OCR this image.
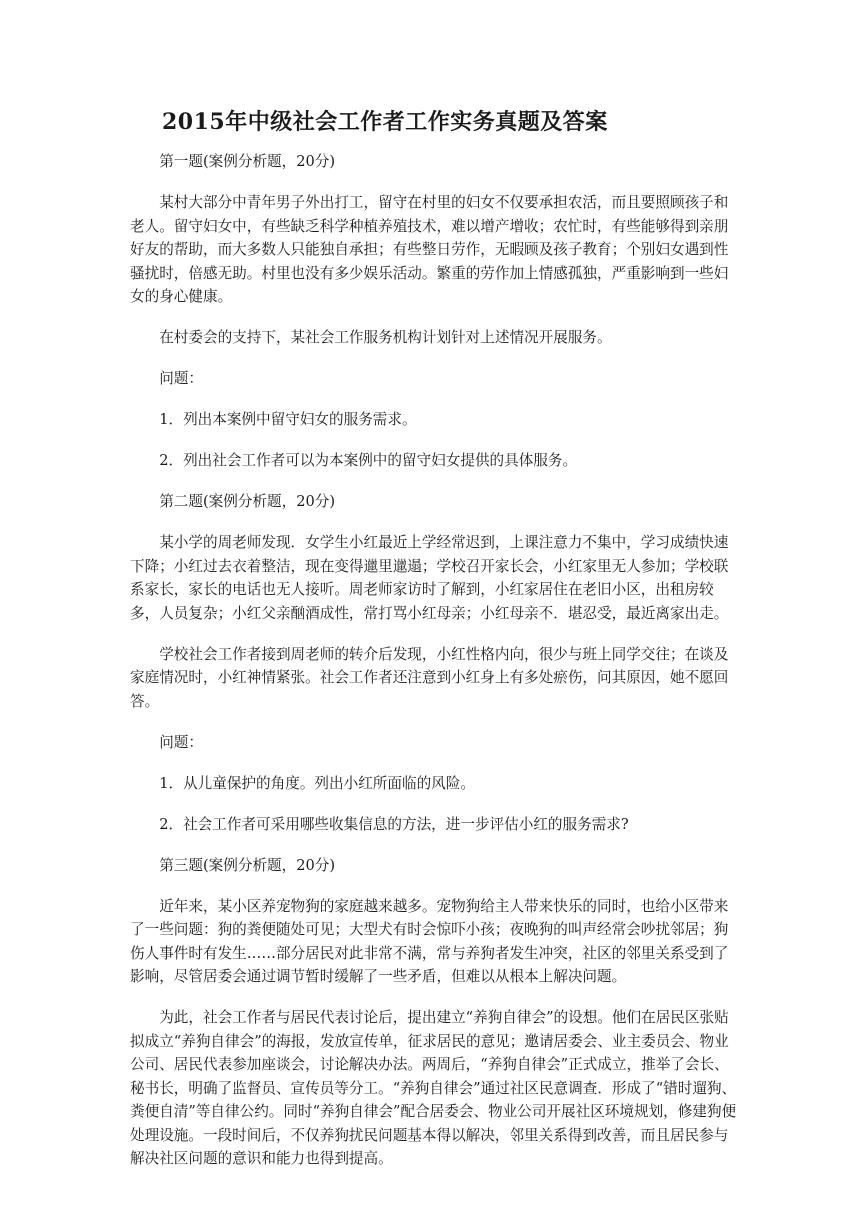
2015年中级社会工作者工作实务真题及答案

第一题(案例分析题，20分)

某村大部分中青年男子外出打工，留守在村里的妇女不仅要承担农活，而且要照顾孩子和老人。留守妇女中，有些缺乏科学种植养殖技术，难以增产增收；农忙时，有些能够得到亲朋好友的帮助，而大多数人只能独自承担；有些整日劳作，无暇顾及孩子教育；个别妇女遇到性骚扰时，倍感无助。村里也没有多少娱乐活动。繁重的劳作加上情感孤独，严重影响到一些妇女的身心健康。

在村委会的支持下，某社会工作服务机构计划针对上述情况开展服务。

问题：

1．列出本案例中留守妇女的服务需求。

2．列出社会工作者可以为本案例中的留守妇女提供的具体服务。

第二题(案例分析题，20分)

某小学的周老师发现．女学生小红最近上学经常迟到，上课注意力不集中，学习成绩快速下降；小红过去衣着整洁，现在变得邋里邋遢；学校召开家长会，小红家里无人参加；学校联系家长，家长的电话也无人接听。周老师家访时了解到，小红家居住在老旧小区，出租房较多，人员复杂；小红父亲酗酒成性，常打骂小红母亲；小红母亲不．堪忍受，最近离家出走。

学校社会工作者接到周老师的转介后发现，小红性格内向，很少与班上同学交往；在谈及家庭情况时，小红神情紧张。社会工作者还注意到小红身上有多处瘀伤，问其原因，她不愿回答。

问题：

1．从儿童保护的角度。列出小红所面临的风险。

2．社会工作者可采用哪些收集信息的方法，进一步评估小红的服务需求?

第三题(案例分析题，20分)

近年来，某小区养宠物狗的家庭越来越多。宠物狗给主人带来快乐的同时，也给小区带来了一些问题：狗的粪便随处可见；大型犬有时会惊吓小孩；夜晚狗的叫声经常会吵扰邻居；狗伤人事件时有发生……部分居民对此非常不满，常与养狗者发生冲突，社区的邻里关系受到了影响，尽管居委会通过调节暂时缓解了一些矛盾，但难以从根本上解决问题。

为此，社会工作者与居民代表讨论后，提出建立“养狗自律会”的设想。他们在居民区张贴拟成立“养狗自律会”的海报，发放宣传单，征求居民的意见；邀请居委会、业主委员会、物业公司、居民代表参加座谈会，讨论解决办法。两周后，“养狗自律会”正式成立，推举了会长、秘书长，明确了监督员、宣传员等分工。“养狗自律会”通过社区民意调查．形成了“错时遛狗、粪便自清”等自律公约。同时“养狗自律会”配合居委会、物业公司开展社区环境规划，修建狗便处理设施。一段时间后，不仅养狗扰民问题基本得以解决，邻里关系得到改善，而且居民参与解决社区问题的意识和能力也得到提高。
